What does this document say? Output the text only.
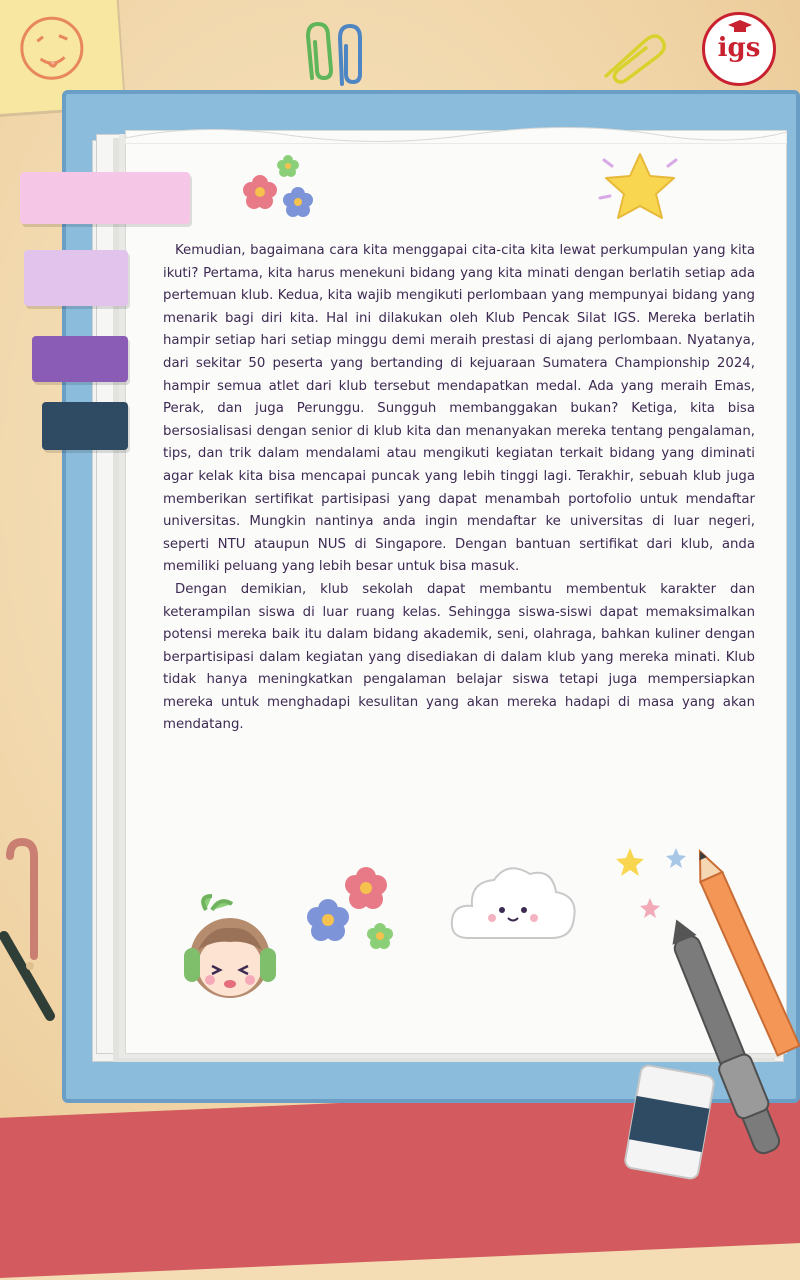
igs

Kemudian, bagaimana cara kita menggapai cita-cita kita lewat perkumpulan yang kita ikuti? Pertama, kita harus menekuni bidang yang kita minati dengan berlatih setiap ada pertemuan klub. Kedua, kita wajib mengikuti perlombaan yang mempunyai bidang yang menarik bagi diri kita. Hal ini dilakukan oleh Klub Pencak Silat IGS. Mereka berlatih hampir setiap hari setiap minggu demi meraih prestasi di ajang perlombaan. Nyatanya, dari sekitar 50 peserta yang bertanding di kejuaraan Sumatera Championship 2024, hampir semua atlet dari klub tersebut mendapatkan medal. Ada yang meraih Emas, Perak, dan juga Perunggu. Sungguh membanggakan bukan? Ketiga, kita bisa bersosialisasi dengan senior di klub kita dan menanyakan mereka tentang pengalaman, tips, dan trik dalam mendalami atau mengikuti kegiatan terkait bidang yang diminati agar kelak kita bisa mencapai puncak yang lebih tinggi lagi. Terakhir, sebuah klub juga memberikan sertifikat partisipasi yang dapat menambah portofolio untuk mendaftar universitas. Mungkin nantinya anda ingin mendaftar ke universitas di luar negeri, seperti NTU ataupun NUS di Singapore. Dengan bantuan sertifikat dari klub, anda memiliki peluang yang lebih besar untuk bisa masuk.

Dengan demikian, klub sekolah dapat membantu membentuk karakter dan keterampilan siswa di luar ruang kelas. Sehingga siswa-siswi dapat memaksimalkan potensi mereka baik itu dalam bidang akademik, seni, olahraga, bahkan kuliner dengan berpartisipasi dalam kegiatan yang disediakan di dalam klub yang mereka minati. Klub tidak hanya meningkatkan pengalaman belajar siswa tetapi juga mempersiapkan mereka untuk menghadapi kesulitan yang akan mereka hadapi di masa yang akan mendatang.
